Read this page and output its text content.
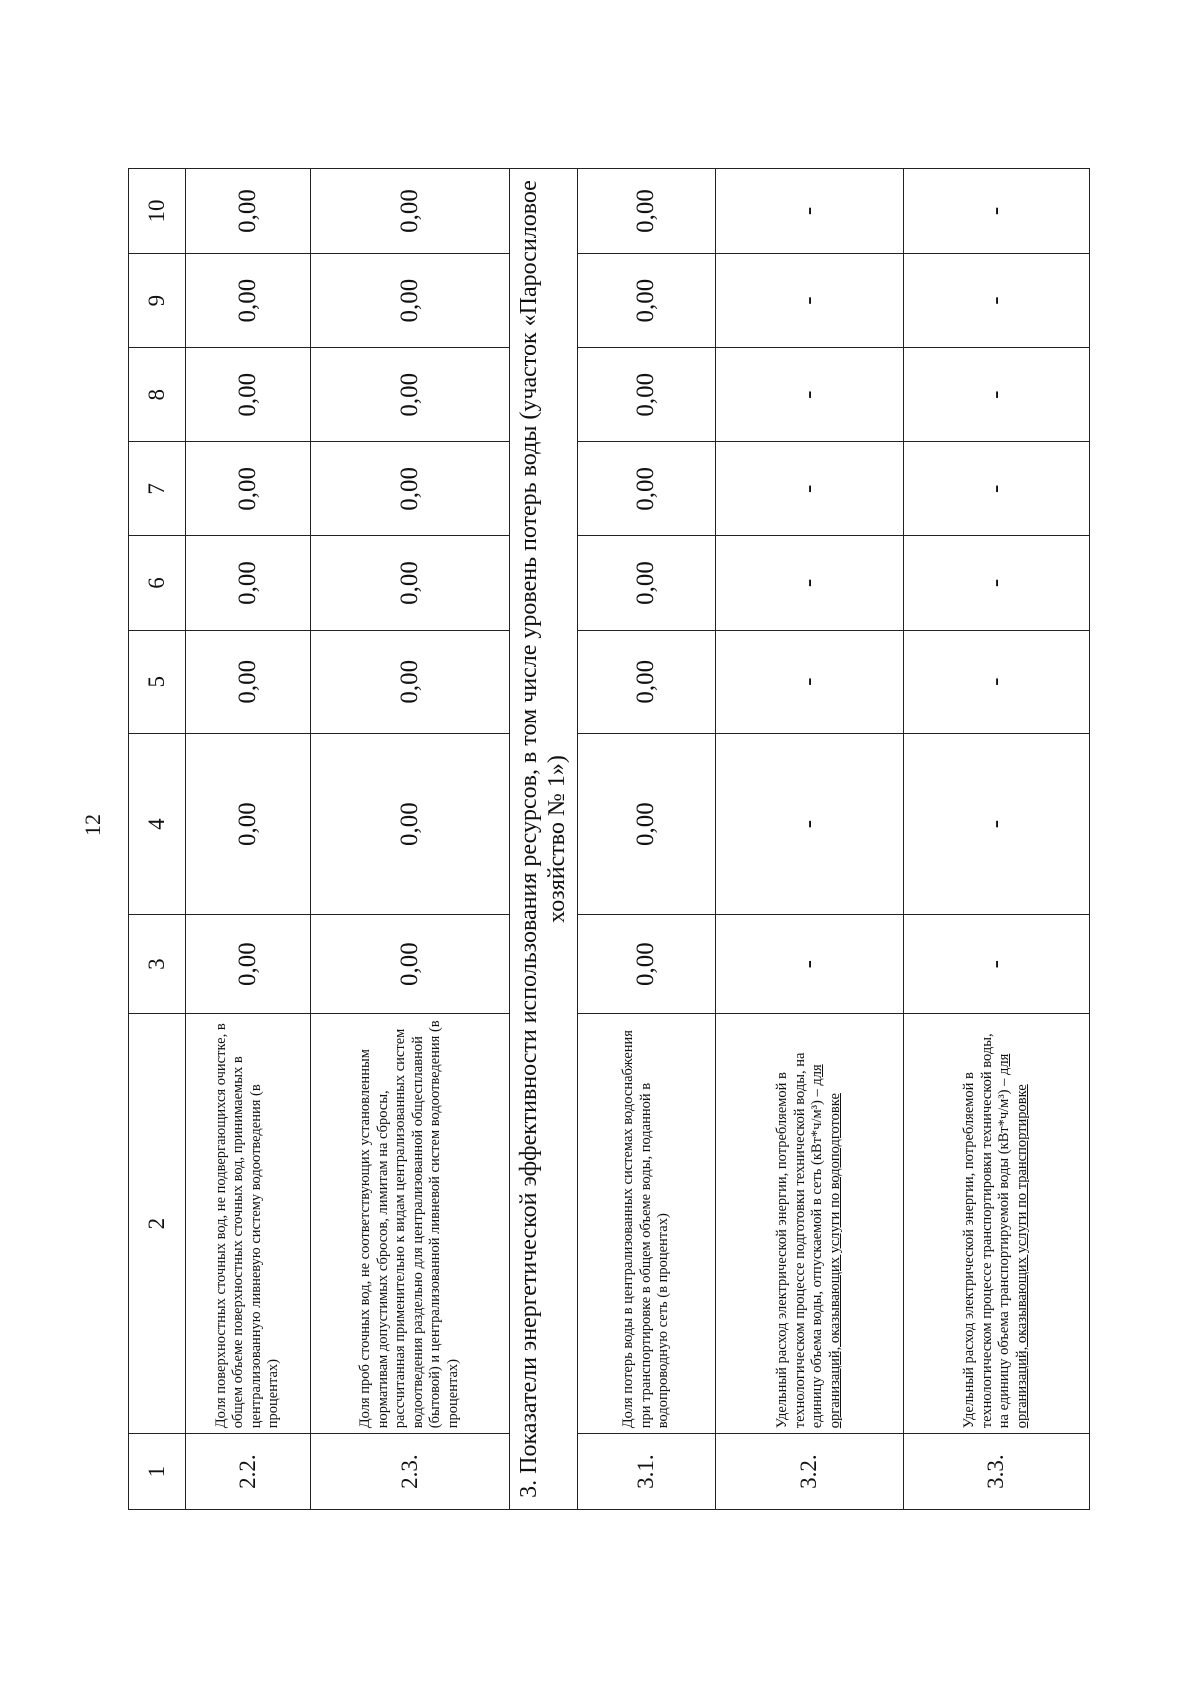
12
1	2	3	4	5	6	7	8	9	10
2.2.	Доля поверхностных сточных вод, не подвергающихся очистке, в общем объеме поверхностных сточных вод, принимаемых в централизованную ливневую систему водоотведения (в процентах)	0,00	0,00	0,00	0,00	0,00	0,00	0,00	0,00
2.3.	Доля проб сточных вод, не соответствующих установленным нормативам допустимых сбросов, лимитам на сбросы, рассчитанная применительно к видам централизованных систем водоотведения раздельно для централизованной общесплавной (бытовой) и централизованной ливневой систем водоотведения (в процентах)	0,00	0,00	0,00	0,00	0,00	0,00	0,00	0,00
3. Показатели энергетической эффективности использования ресурсов, в том числе уровень потерь воды (участок «Паросиловое хозяйство № 1»)									
3.1.	Доля потерь воды в централизованных системах водоснабжения при транспортировке в общем объеме воды, поданной в водопроводную сеть (в процентах)	0,00	0,00	0,00	0,00	0,00	0,00	0,00	0,00
3.2.	Удельный расход электрической энергии, потребляемой в технологическом процессе подготовки технической воды, на единицу объема воды, отпускаемой в сеть (кВт*ч/м³) – для организаций, оказывающих услуги по водоподготовке	-	-	-	-	-	-	-	-
3.3.	Удельный расход электрической энергии, потребляемой в технологическом процессе транспортировки технической воды, на единицу объема транспортируемой воды (кВт*ч/м³) – для организаций, оказывающих услуги по транспортировке	-	-	-	-	-	-	-	-
